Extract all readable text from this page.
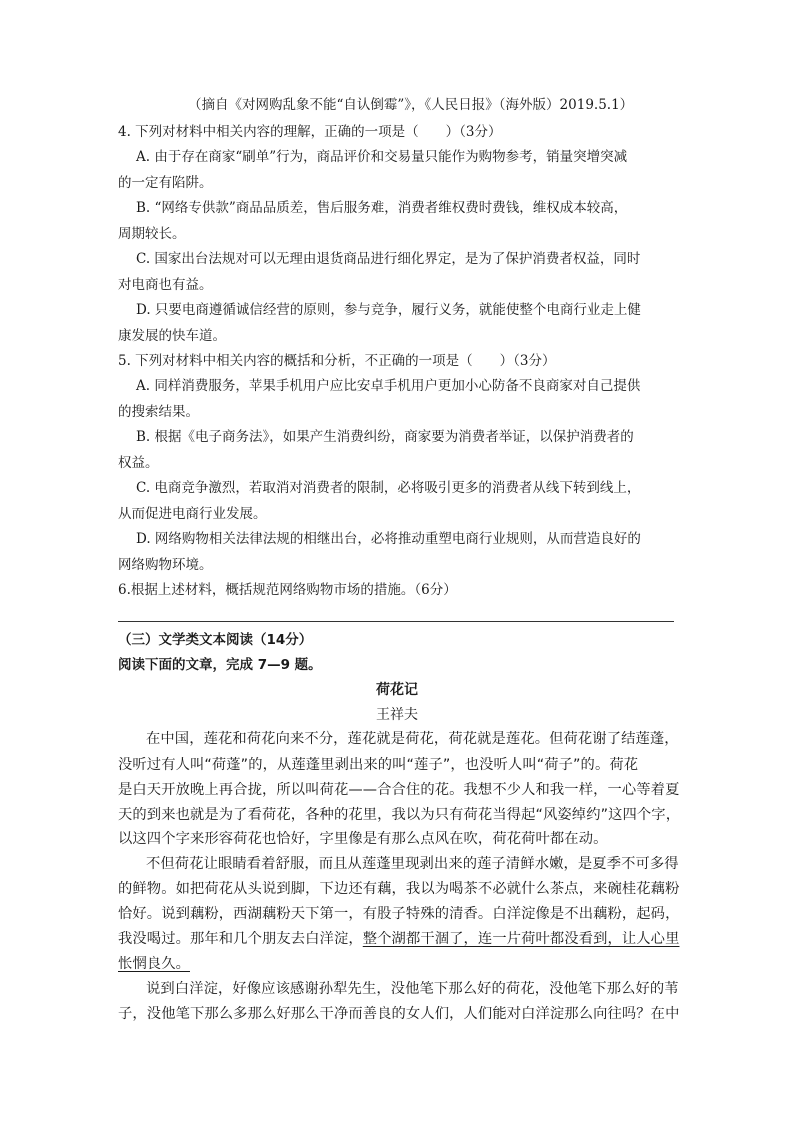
（摘自《对网购乱象不能“自认倒霉”》，《人民日报》（海外版）2019.5.1）
4. 下列对材料中相关内容的理解，正确的一项是（　　）（3分）
A. 由于存在商家“刷单”行为，商品评价和交易量只能作为购物参考，销量突增突减
的一定有陷阱。
B. “网络专供款”商品品质差，售后服务难，消费者维权费时费钱，维权成本较高，
周期较长。
C. 国家出台法规对可以无理由退货商品进行细化界定，是为了保护消费者权益，同时
对电商也有益。
D. 只要电商遵循诚信经营的原则，参与竞争，履行义务，就能使整个电商行业走上健
康发展的快车道。
5. 下列对材料中相关内容的概括和分析，不正确的一项是（　　）（3分）
A. 同样消费服务，苹果手机用户应比安卓手机用户更加小心防备不良商家对自己提供
的搜索结果。
B. 根据《电子商务法》，如果产生消费纠纷，商家要为消费者举证，以保护消费者的
权益。
C. 电商竞争激烈，若取消对消费者的限制，必将吸引更多的消费者从线下转到线上，
从而促进电商行业发展。
D. 网络购物相关法律法规的相继出台，必将推动重塑电商行业规则，从而营造良好的
网络购物环境。
6.根据上述材料，概括规范网络购物市场的措施。（6分）
（三）文学类文本阅读（14分）
阅读下面的文章，完成 7—9 题。
荷花记
王祥夫
在中国，莲花和荷花向来不分，莲花就是荷花，荷花就是莲花。但荷花谢了结莲蓬，
没听过有人叫“荷蓬”的，从莲蓬里剥出来的叫“莲子”，也没听人叫“荷子”的。荷花
是白天开放晚上再合拢，所以叫荷花——合合住的花。我想不少人和我一样，一心等着夏
天的到来也就是为了看荷花，各种的花里，我以为只有荷花当得起“风姿绰约”这四个字，
以这四个字来形容荷花也恰好，字里像是有那么点风在吹，荷花荷叶都在动。
不但荷花让眼睛看着舒服，而且从莲蓬里现剥出来的莲子清鲜水嫩，是夏季不可多得
的鲜物。如把荷花从头说到脚，下边还有藕，我以为喝茶不必就什么茶点，来碗桂花藕粉
恰好。说到藕粉，西湖藕粉天下第一，有股子特殊的清香。白洋淀像是不出藕粉，起码，
我没喝过。那年和几个朋友去白洋淀，整个湖都干涸了，连一片荷叶都没看到，让人心里
怅惘良久。
说到白洋淀，好像应该感谢孙犁先生，没他笔下那么好的荷花，没他笔下那么好的苇
子，没他笔下那么多那么好那么干净而善良的女人们，人们能对白洋淀那么向往吗？在中
